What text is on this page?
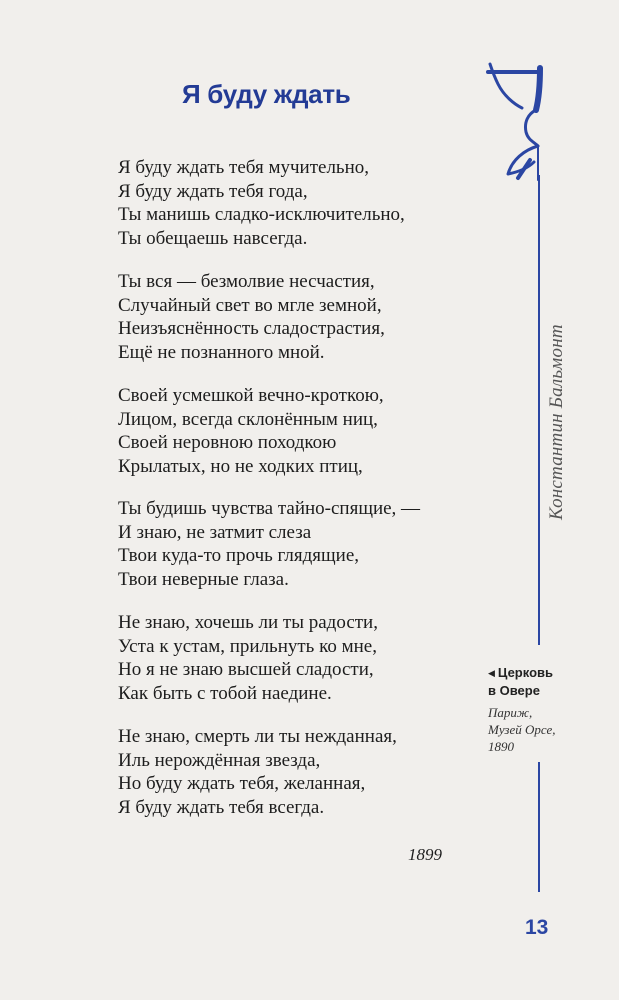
Я буду ждать
Я буду ждать тебя мучительно,
Я буду ждать тебя года,
Ты манишь сладко-исключительно,
Ты обещаешь навсегда.
Ты вся — безмолвие несчастия,
Случайный свет во мгле земной,
Неизъяснённость сладострастия,
Ещё не познанного мной.
Своей усмешкой вечно-кроткою,
Лицом, всегда склонённым ниц,
Своей неровною походкою
Крылатых, но не ходких птиц,
Ты будишь чувства тайно-спящие, —
И знаю, не затмит слеза
Твои куда-то прочь глядящие,
Твои неверные глаза.
Не знаю, хочешь ли ты радости,
Уста к устам, прильнуть ко мне,
Но я не знаю высшей сладости,
Как быть с тобой наедине.
Не знаю, смерть ли ты нежданная,
Иль нерождённая звезда,
Но буду ждать тебя, желанная,
Я буду ждать тебя всегда.
1899
Константин Бальмонт
◀ Церковь
в Овере
Париж,
Музей Орсе,
1890
13
